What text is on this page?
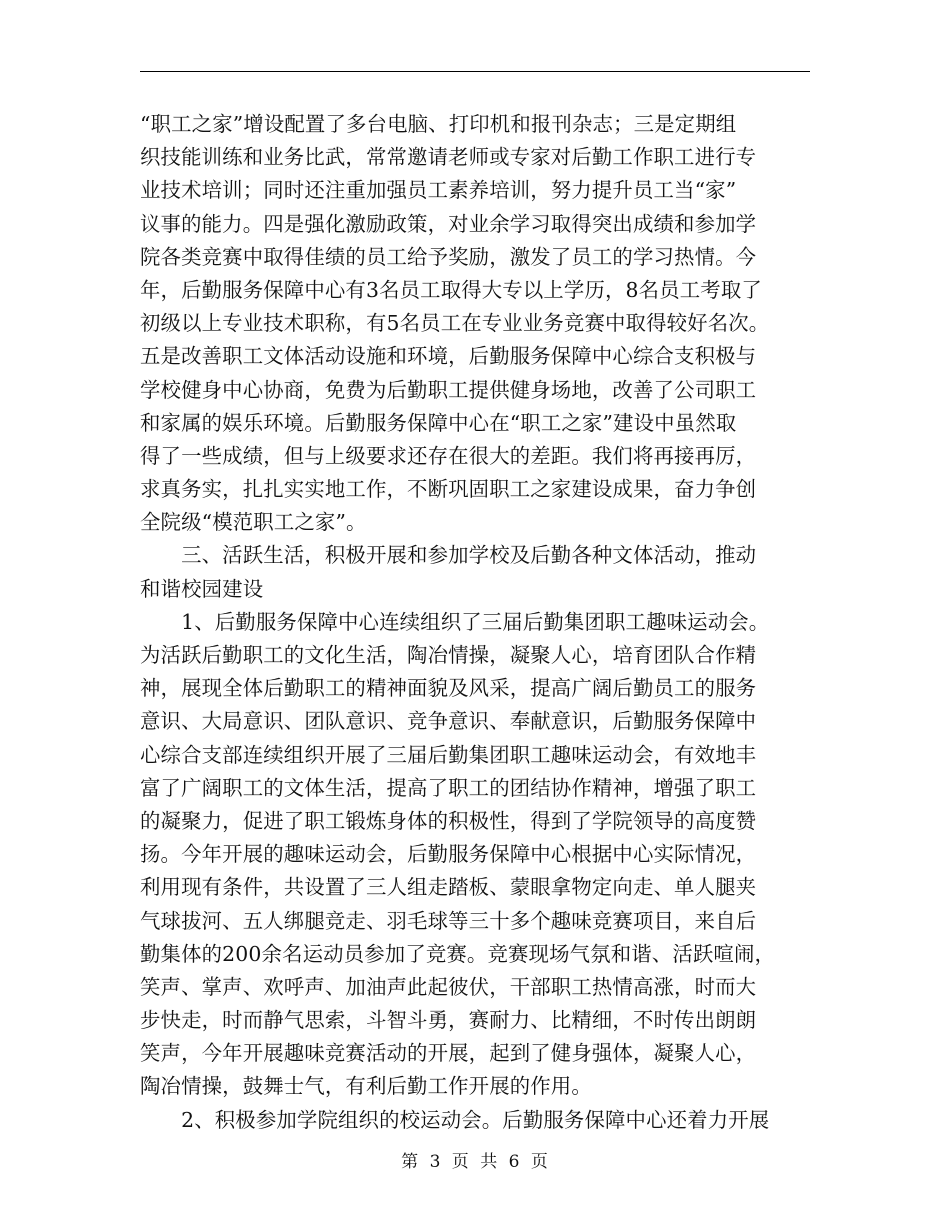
“职工之家”增设配置了多台电脑、打印机和报刊杂志；三是定期组
织技能训练和业务比武，常常邀请老师或专家对后勤工作职工进行专
业技术培训；同时还注重加强员工素养培训，努力提升员工当“家”
议事的能力。四是强化激励政策，对业余学习取得突出成绩和参加学
院各类竞赛中取得佳绩的员工给予奖励，激发了员工的学习热情。今
年，后勤服务保障中心有3名员工取得大专以上学历，8名员工考取了
初级以上专业技术职称，有5名员工在专业业务竞赛中取得较好名次。
五是改善职工文体活动设施和环境，后勤服务保障中心综合支积极与
学校健身中心协商，免费为后勤职工提供健身场地，改善了公司职工
和家属的娱乐环境。后勤服务保障中心在“职工之家”建设中虽然取
得了一些成绩，但与上级要求还存在很大的差距。我们将再接再厉，
求真务实，扎扎实实地工作，不断巩固职工之家建设成果，奋力争创
全院级“模范职工之家”。
　　三、活跃生活，积极开展和参加学校及后勤各种文体活动，推动
和谐校园建设
　　1、后勤服务保障中心连续组织了三届后勤集团职工趣味运动会。
为活跃后勤职工的文化生活，陶冶情操，凝聚人心，培育团队合作精
神，展现全体后勤职工的精神面貌及风采，提高广阔后勤员工的服务
意识、大局意识、团队意识、竞争意识、奉献意识，后勤服务保障中
心综合支部连续组织开展了三届后勤集团职工趣味运动会，有效地丰
富了广阔职工的文体生活，提高了职工的团结协作精神，增强了职工
的凝聚力，促进了职工锻炼身体的积极性，得到了学院领导的高度赞
扬。今年开展的趣味运动会，后勤服务保障中心根据中心实际情况，
利用现有条件，共设置了三人组走踏板、蒙眼拿物定向走、单人腿夹
气球拔河、五人绑腿竞走、羽毛球等三十多个趣味竞赛项目，来自后
勤集体的200余名运动员参加了竞赛。竞赛现场气氛和谐、活跃喧闹，
笑声、掌声、欢呼声、加油声此起彼伏，干部职工热情高涨，时而大
步快走，时而静气思索，斗智斗勇，赛耐力、比精细，不时传出朗朗
笑声，今年开展趣味竞赛活动的开展，起到了健身强体，凝聚人心，
陶冶情操，鼓舞士气，有利后勤工作开展的作用。
　　2、积极参加学院组织的校运动会。后勤服务保障中心还着力开展
第 3 页 共 6 页
